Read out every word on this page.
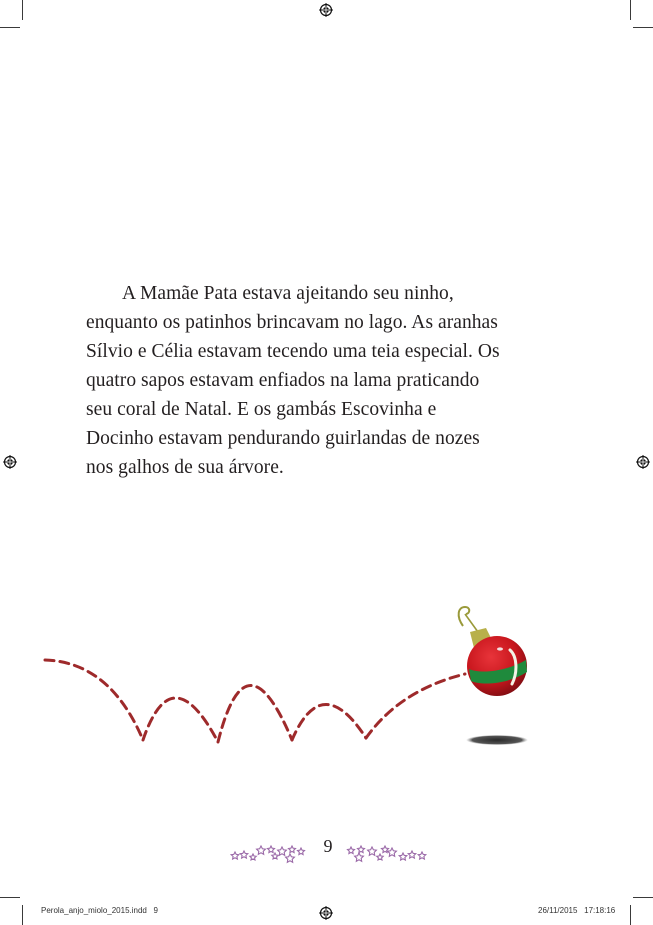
A Mamãe Pata estava ajeitando seu ninho,
enquanto os patinhos brincavam no lago. As aranhas
Sílvio e Célia estavam tecendo uma teia especial. Os
quatro sapos estavam enfiados na lama praticando
seu coral de Natal. E os gambás Escovinha e
Docinho estavam pendurando guirlandas de nozes
nos galhos de sua árvore.
9
Perola_anjo_miolo_2015.indd   9	26/11/2015   17:18:16
